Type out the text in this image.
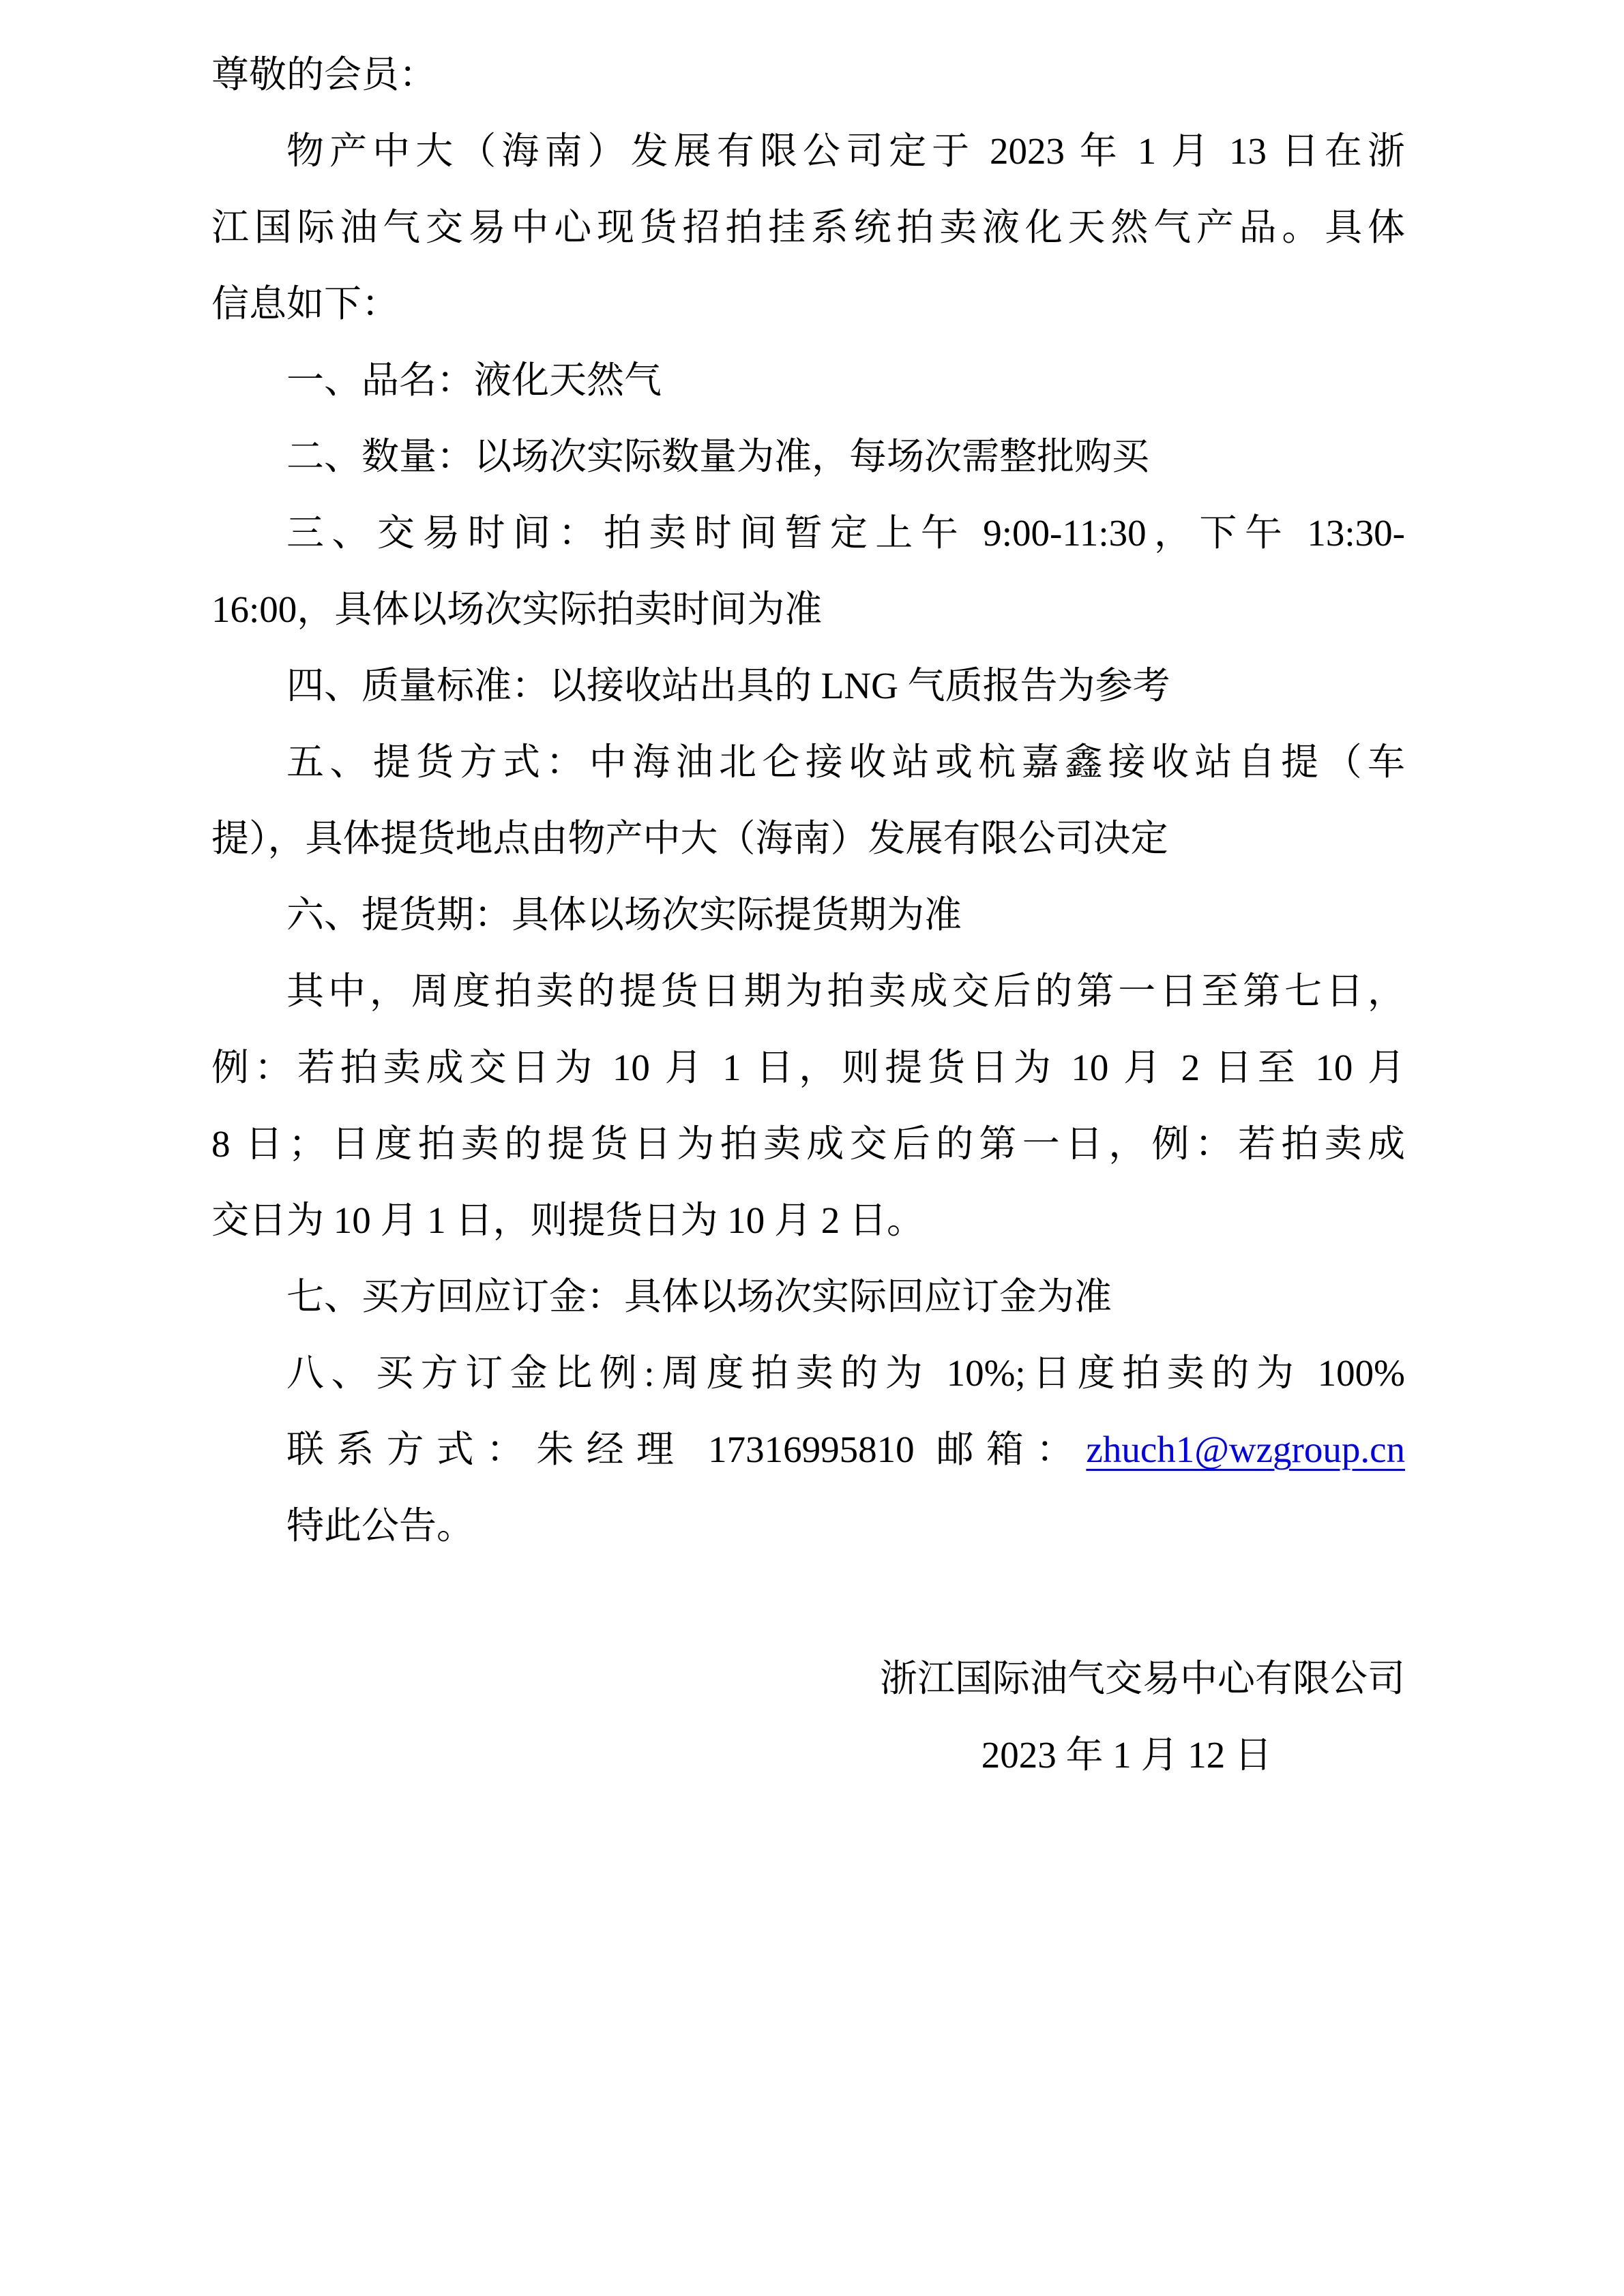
尊敬的会员：
物产中大（海南）发展有限公司定于 2023 年 1 月 13 日在浙
江国际油气交易中心现货招拍挂系统拍卖液化天然气产品。具体
信息如下：
一、品名：液化天然气
二、数量：以场次实际数量为准，每场次需整批购买
三、交易时间：拍卖时间暂定上午 9:00-11:30，下午 13:30-
16:00，具体以场次实际拍卖时间为准
四、质量标准：以接收站出具的 LNG 气质报告为参考
五、提货方式：中海油北仑接收站或杭嘉鑫接收站自提（车
提），具体提货地点由物产中大（海南）发展有限公司决定
六、提货期：具体以场次实际提货期为准
其中，周度拍卖的提货日期为拍卖成交后的第一日至第七日，
例：若拍卖成交日为 10 月 1 日，则提货日为 10 月 2 日至 10 月
8 日；日度拍卖的提货日为拍卖成交后的第一日，例：若拍卖成
交日为 10 月 1 日，则提货日为 10 月 2 日。
七、买方回应订金：具体以场次实际回应订金为准
八、买方订金比例:周度拍卖的为 10%;日度拍卖的为 100%
联系方式：朱经理 17316995810 邮箱：zhuch1@wzgroup.cn
特此公告。
浙江国际油气交易中心有限公司
2023 年 1 月 12 日
